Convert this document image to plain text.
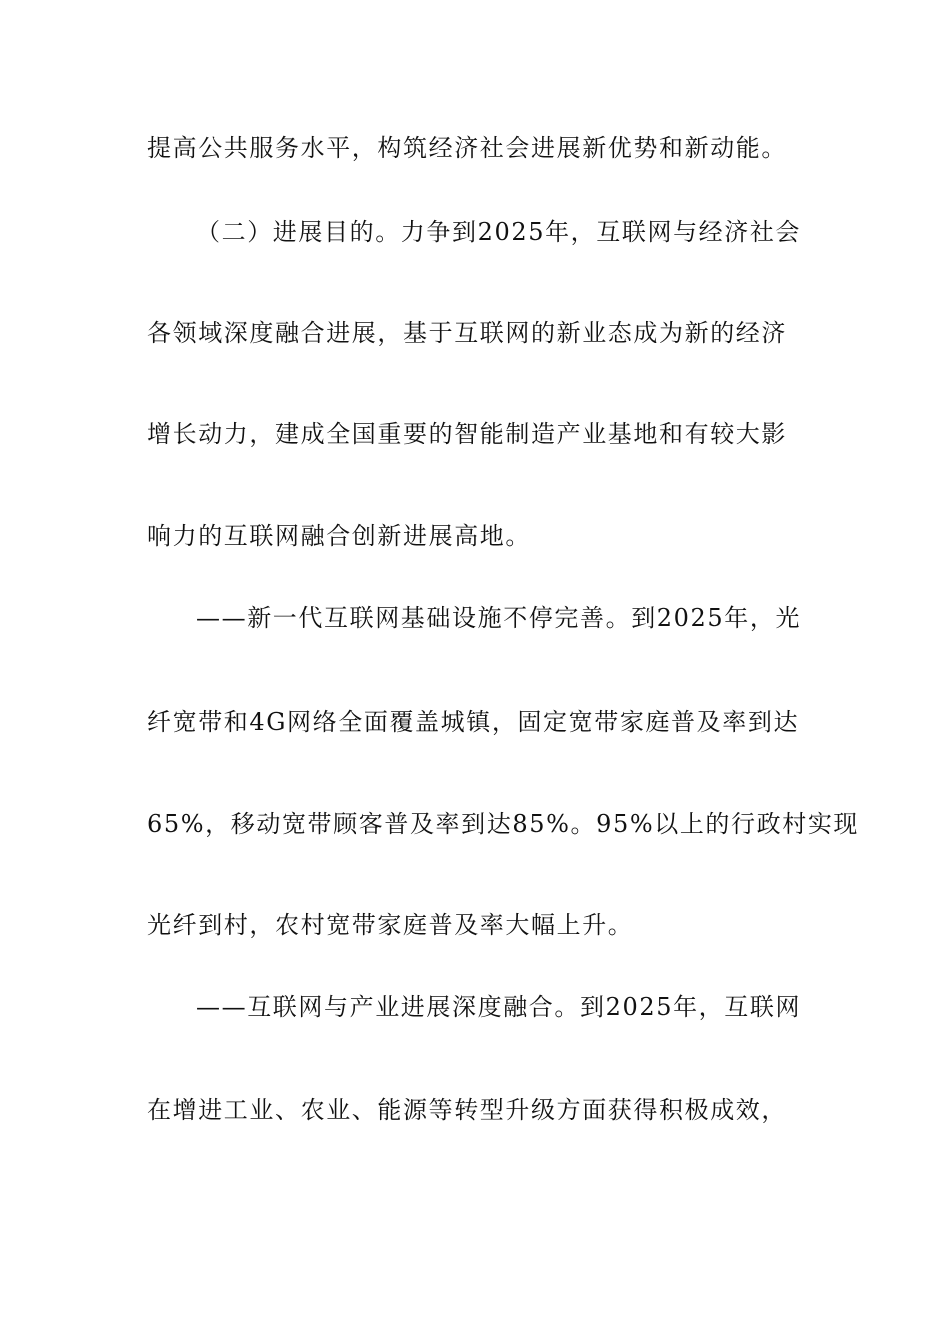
提高公共服务水平，构筑经济社会进展新优势和新动能。
（二）进展目的。力争到2025年，互联网与经济社会
各领域深度融合进展，基于互联网的新业态成为新的经济
增长动力，建成全国重要的智能制造产业基地和有较大影
响力的互联网融合创新进展高地。
——新一代互联网基础设施不停完善。到2025年，光
纤宽带和4G网络全面覆盖城镇，固定宽带家庭普及率到达
65%，移动宽带顾客普及率到达85%。95%以上的行政村实现
光纤到村，农村宽带家庭普及率大幅上升。
——互联网与产业进展深度融合。到2025年，互联网
在增进工业、农业、能源等转型升级方面获得积极成效，
